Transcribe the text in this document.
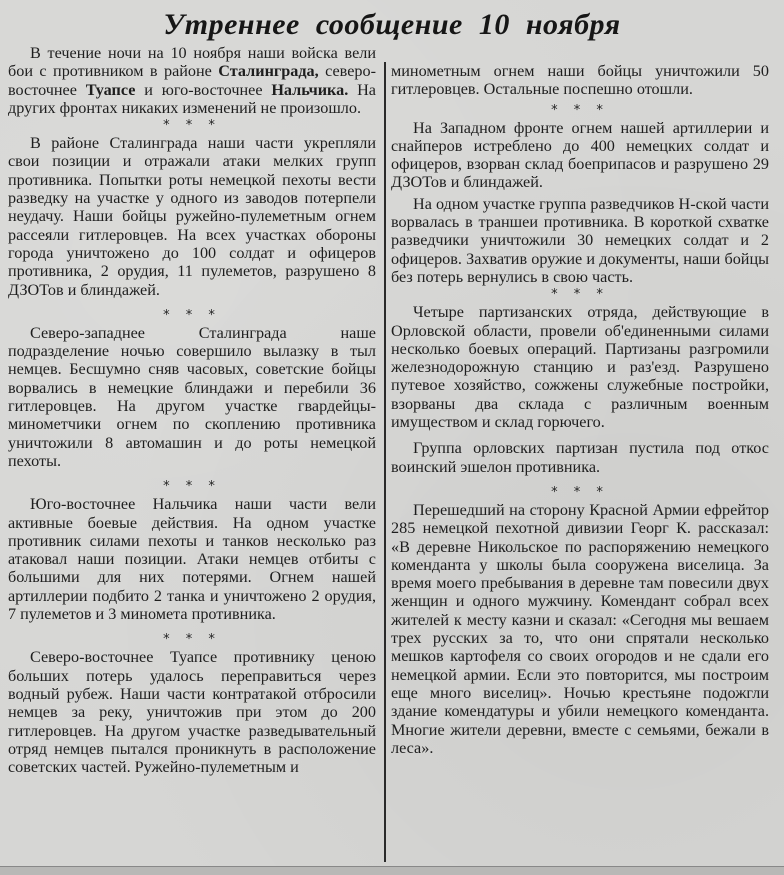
Утреннее сообщение 10 ноября

В течение ночи на 10 ноября наши войска вели бои с противником в районе Сталинграда, северо-восточнее Туапсе и юго-восточнее Нальчика. На других фронтах никаких изменений не произошло.

* * *

В районе Сталинграда наши части укрепляли свои позиции и отражали атаки мелких групп противника. Попытки роты немецкой пехоты вести разведку на участке у одного из заводов потерпели неудачу. Наши бойцы ружейно-пулеметным огнем рассеяли гитлеровцев. На всех участках обороны города уничтожено до 100 солдат и офицеров противника, 2 орудия, 11 пулеметов, разрушено 8 ДЗОТов и блиндажей.

* * *

Северо-западнее Сталинграда наше подразделение ночью совершило вылазку в тыл немцев. Бесшумно сняв часовых, советские бойцы ворвались в немецкие блиндажи и перебили 36 гитлеровцев. На другом участке гвардейцы-минометчики огнем по скоплению противника уничтожили 8 автомашин и до роты немецкой пехоты.

* * *

Юго-восточнее Нальчика наши части вели активные боевые действия. На одном участке противник силами пехоты и танков несколько раз атаковал наши позиции. Атаки немцев отбиты с большими для них потерями. Огнем нашей артиллерии подбито 2 танка и уничтожено 2 орудия, 7 пулеметов и 3 миномета противника.

* * *

Северо-восточнее Туапсе противнику ценою больших потерь удалось переправиться через водный рубеж. Наши части контратакой отбросили немцев за реку, уничтожив при этом до 200 гитлеровцев. На другом участке разведывательный отряд немцев пытался проникнуть в расположение советских частей. Ружейно-пулеметным и

минометным огнем наши бойцы уничтожили 50 гитлеровцев. Остальные поспешно отошли.

* * *

На Западном фронте огнем нашей артиллерии и снайперов истреблено до 400 немецких солдат и офицеров, взорван склад боеприпасов и разрушено 29 ДЗОТов и блиндажей.

На одном участке группа разведчиков Н-ской части ворвалась в траншеи противника. В короткой схватке разведчики уничтожили 30 немецких солдат и 2 офицеров. Захватив оружие и документы, наши бойцы без потерь вернулись в свою часть.

* * *

Четыре партизанских отряда, действующие в Орловской области, провели об'единенными силами несколько боевых операций. Партизаны разгромили железнодорожную станцию и раз'езд. Разрушено путевое хозяйство, сожжены служебные постройки, взорваны два склада с различным военным имуществом и склад горючего.

Группа орловских партизан пустила под откос воинский эшелон противника.

* * *

Перешедший на сторону Красной Армии ефрейтор 285 немецкой пехотной дивизии Георг К. рассказал: «В деревне Никольское по распоряжению немецкого коменданта у школы была сооружена виселица. За время моего пребывания в деревне там повесили двух женщин и одного мужчину. Комендант собрал всех жителей к месту казни и сказал: «Сегодня мы вешаем трех русских за то, что они спрятали несколько мешков картофеля со своих огородов и не сдали его немецкой армии. Если это повторится, мы построим еще много виселиц». Ночью крестьяне подожгли здание комендатуры и убили немецкого коменданта. Многие жители деревни, вместе с семьями, бежали в леса».
